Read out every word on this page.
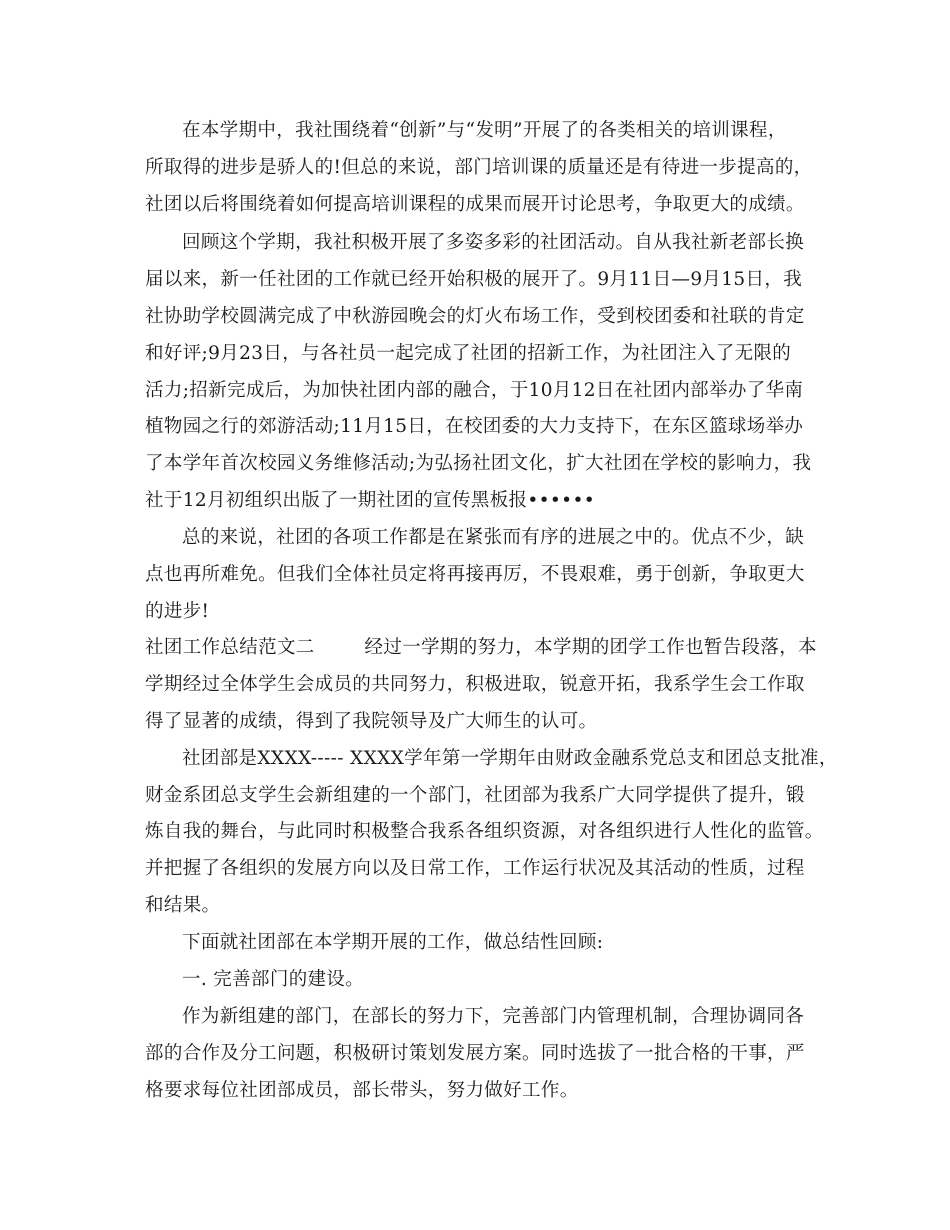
在本学期中，我社围绕着“创新”与“发明”开展了的各类相关的培训课程，
所取得的进步是骄人的!但总的来说，部门培训课的质量还是有待进一步提高的，
社团以后将围绕着如何提高培训课程的成果而展开讨论思考，争取更大的成绩。
回顾这个学期，我社积极开展了多姿多彩的社团活动。自从我社新老部长换
届以来，新一任社团的工作就已经开始积极的展开了。9月11日—9月15日，我
社协助学校圆满完成了中秋游园晚会的灯火布场工作，受到校团委和社联的肯定
和好评;9月23日，与各社员一起完成了社团的招新工作，为社团注入了无限的
活力;招新完成后，为加快社团内部的融合，于10月12日在社团内部举办了华南
植物园之行的郊游活动;11月15日，在校团委的大力支持下，在东区篮球场举办
了本学年首次校园义务维修活动;为弘扬社团文化，扩大社团在学校的影响力，我
社于12月初组织出版了一期社团的宣传黑板报••••••
总的来说，社团的各项工作都是在紧张而有序的进展之中的。优点不少，缺
点也再所难免。但我们全体社员定将再接再厉，不畏艰难，勇于创新，争取更大
的进步!
社团工作总结范文二        经过一学期的努力，本学期的团学工作也暂告段落，本
学期经过全体学生会成员的共同努力，积极进取，锐意开拓，我系学生会工作取
得了显著的成绩，得到了我院领导及广大师生的认可。
社团部是XXXX----- XXXX学年第一学期年由财政金融系党总支和团总支批准，
财金系团总支学生会新组建的一个部门，社团部为我系广大同学提供了提升，锻
炼自我的舞台，与此同时积极整合我系各组织资源，对各组织进行人性化的监管。
并把握了各组织的发展方向以及日常工作，工作运行状况及其活动的性质，过程
和结果。
下面就社团部在本学期开展的工作，做总结性回顾:
一. 完善部门的建设。
作为新组建的部门，在部长的努力下，完善部门内管理机制，合理协调同各
部的合作及分工问题，积极研讨策划发展方案。同时选拔了一批合格的干事，严
格要求每位社团部成员，部长带头，努力做好工作。
